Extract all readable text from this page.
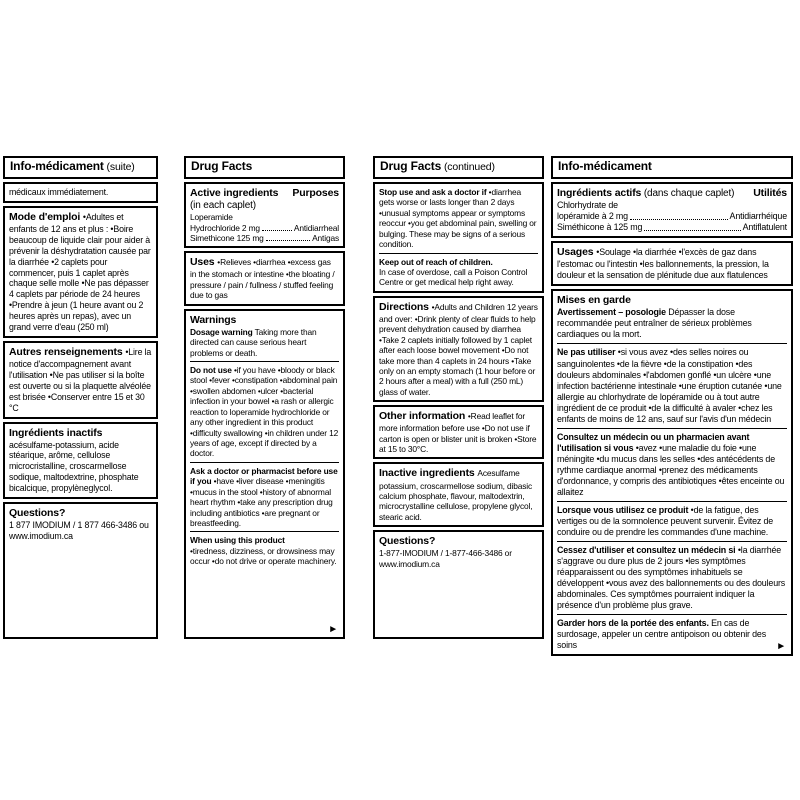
Info-médicament (suite)
médicaux immédiatement.
Mode d'emploi •Adultes et enfants de 12 ans et plus : •Boire beaucoup de liquide clair pour aider à prévenir la déshydratation causée par la diarrhée •2 caplets pour commencer, puis 1 caplet après chaque selle molle •Ne pas dépasser 4 caplets par période de 24 heures •Prendre à jeun (1 heure avant ou 2 heures après un repas), avec un grand verre d'eau (250 ml)
Autres renseignements •Lire la notice d'accompagnement avant l'utilisation •Ne pas utiliser si la boîte est ouverte ou si la plaquette alvéolée est brisée •Conserver entre 15 et 30 °C
Ingrédients inactifs
acésulfame-potassium, acide stéarique, arôme, cellulose microcristalline, croscarmellose sodique, maltodextrine, phosphate bicalcique, propylèneglycol.
Questions?
1 877 IMODIUM / 1 877 466-3486 ou www.imodium.ca
Drug Facts
Active ingredients Purposes
(in each caplet)
Loperamide
Hydrochloride 2 mg	Antidiarrheal
Simethicone 125 mg	Antigas
Uses •Relieves •diarrhea •excess gas in the stomach or intestine •the bloating / pressure / pain / fullness / stuffed feeling due to gas
Warnings
Dosage warning Taking more than directed can cause serious heart problems or death.
Do not use •if you have •bloody or black stool •fever •constipation •abdominal pain •swollen abdomen •ulcer •bacterial infection in your bowel •a rash or allergic reaction to loperamide hydrochloride or any other ingredient in this product •difficulty swallowing •in children under 12 years of age, except if directed by a doctor.
Ask a doctor or pharmacist before use if you •have •liver disease •meningitis •mucus in the stool •history of abnormal heart rhythm •take any prescription drug including antibiotics •are pregnant or breastfeeding.
When using this product
•tiredness, dizziness, or drowsiness may occur •do not drive or operate machinery.
►
Drug Facts (continued)
Stop use and ask a doctor if •diarrhea gets worse or lasts longer than 2 days •unusual symptoms appear or symptoms reoccur •you get abdominal pain, swelling or bulging. These may be signs of a serious condition.
Keep out of reach of children.
In case of overdose, call a Poison Control Centre or get medical help right away.
Directions •Adults and Children 12 years and over: •Drink plenty of clear fluids to help prevent dehydration caused by diarrhea •Take 2 caplets initially followed by 1 caplet after each loose bowel movement •Do not take more than 4 caplets in 24 hours •Take only on an empty stomach (1 hour before or 2 hours after a meal) with a full (250 mL) glass of water.
Other information •Read leaflet for more information before use •Do not use if carton is open or blister unit is broken •Store at 15 to 30°C.
Inactive ingredients Acesulfame potassium, croscarmellose sodium, dibasic calcium phosphate, flavour, maltodextrin, microcrystalline cellulose, propylene glycol, stearic acid.
Questions?
1-877-IMODIUM / 1-877-466-3486 or www.imodium.ca
Info-médicament
Ingrédients actifs (dans chaque caplet) Utilités
Chlorhydrate de
lopéramide à 2 mg	Antidiarrhéique
Siméthicone à 125 mg	Antiflatulent
Usages •Soulage •la diarrhée •l'excès de gaz dans l'estomac ou l'intestin •les ballonnements, la pression, la douleur et la sensation de plénitude due aux flatulences
Mises en garde
Avertissement – posologie Dépasser la dose recommandée peut entraîner de sérieux problèmes cardiaques ou la mort.
Ne pas utiliser •si vous avez •des selles noires ou sanguinolentes •de la fièvre •de la constipation •des douleurs abdominales •l'abdomen gonflé •un ulcère •une infection bactérienne intestinale •une éruption cutanée •une allergie au chlorhydrate de lopéramide ou à tout autre ingrédient de ce produit •de la difficulté à avaler •chez les enfants de moins de 12 ans, sauf sur l'avis d'un médecin
Consultez un médecin ou un pharmacien avant l'utilisation si vous •avez •une maladie du foie •une méningite •du mucus dans les selles •des antécédents de rythme cardiaque anormal •prenez des médicaments d'ordonnance, y compris des antibiotiques •êtes enceinte ou allaitez
Lorsque vous utilisez ce produit •de la fatigue, des vertiges ou de la somnolence peuvent survenir. Évitez de conduire ou de prendre les commandes d'une machine.
Cessez d'utiliser et consultez un médecin si •la diarrhée s'aggrave ou dure plus de 2 jours •les symptômes réapparaissent ou des symptômes inhabituels se développent •vous avez des ballonnements ou des douleurs abdominales. Ces symptômes pourraient indiquer la présence d'un problème plus grave.
Garder hors de la portée des enfants. En cas de surdosage, appeler un centre antipoison ou obtenir des soins	►
